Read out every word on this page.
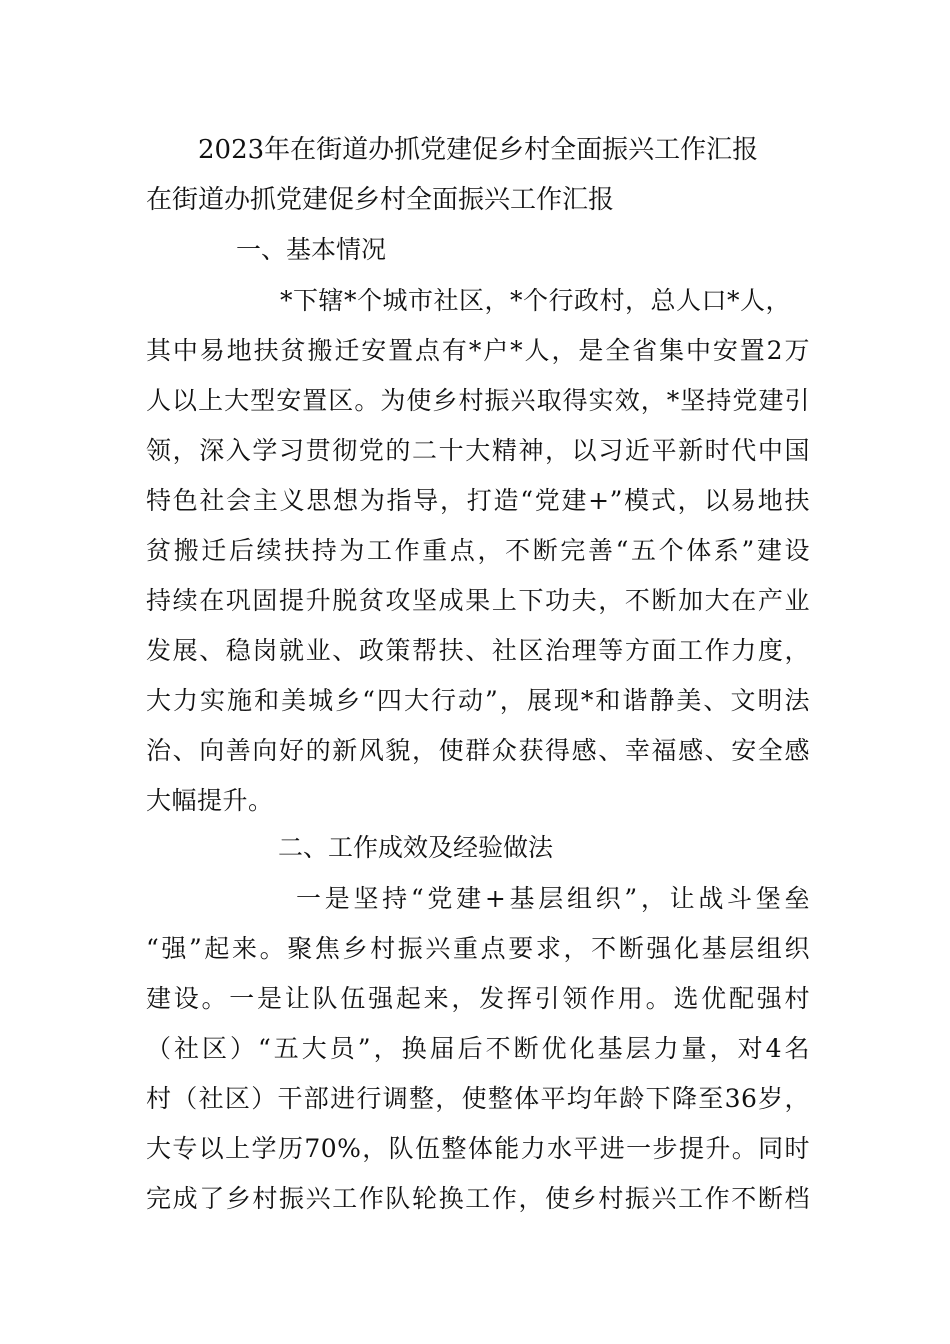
2023年在街道办抓党建促乡村全面振兴工作汇报
在街道办抓党建促乡村全面振兴工作汇报
一、基本情况
*下辖*个城市社区，*个行政村，总人口*人，
其中易地扶贫搬迁安置点有*户*人，是全省集中安置2万
人以上大型安置区。为使乡村振兴取得实效，*坚持党建引
领，深入学习贯彻党的二十大精神，以习近平新时代中国
特色社会主义思想为指导，打造“党建+”模式，以易地扶
贫搬迁后续扶持为工作重点，不断完善“五个体系”建设
持续在巩固提升脱贫攻坚成果上下功夫，不断加大在产业
发展、稳岗就业、政策帮扶、社区治理等方面工作力度，
大力实施和美城乡“四大行动”，展现*和谐静美、文明法
治、向善向好的新风貌，使群众获得感、幸福感、安全感
大幅提升。
二、工作成效及经验做法
一是坚持“党建+基层组织”，让战斗堡垒
“强”起来。聚焦乡村振兴重点要求，不断强化基层组织
建设。一是让队伍强起来，发挥引领作用。选优配强村
（社区）“五大员”，换届后不断优化基层力量，对4名
村（社区）干部进行调整，使整体平均年龄下降至36岁，
大专以上学历70%，队伍整体能力水平进一步提升。同时
完成了乡村振兴工作队轮换工作，使乡村振兴工作不断档
